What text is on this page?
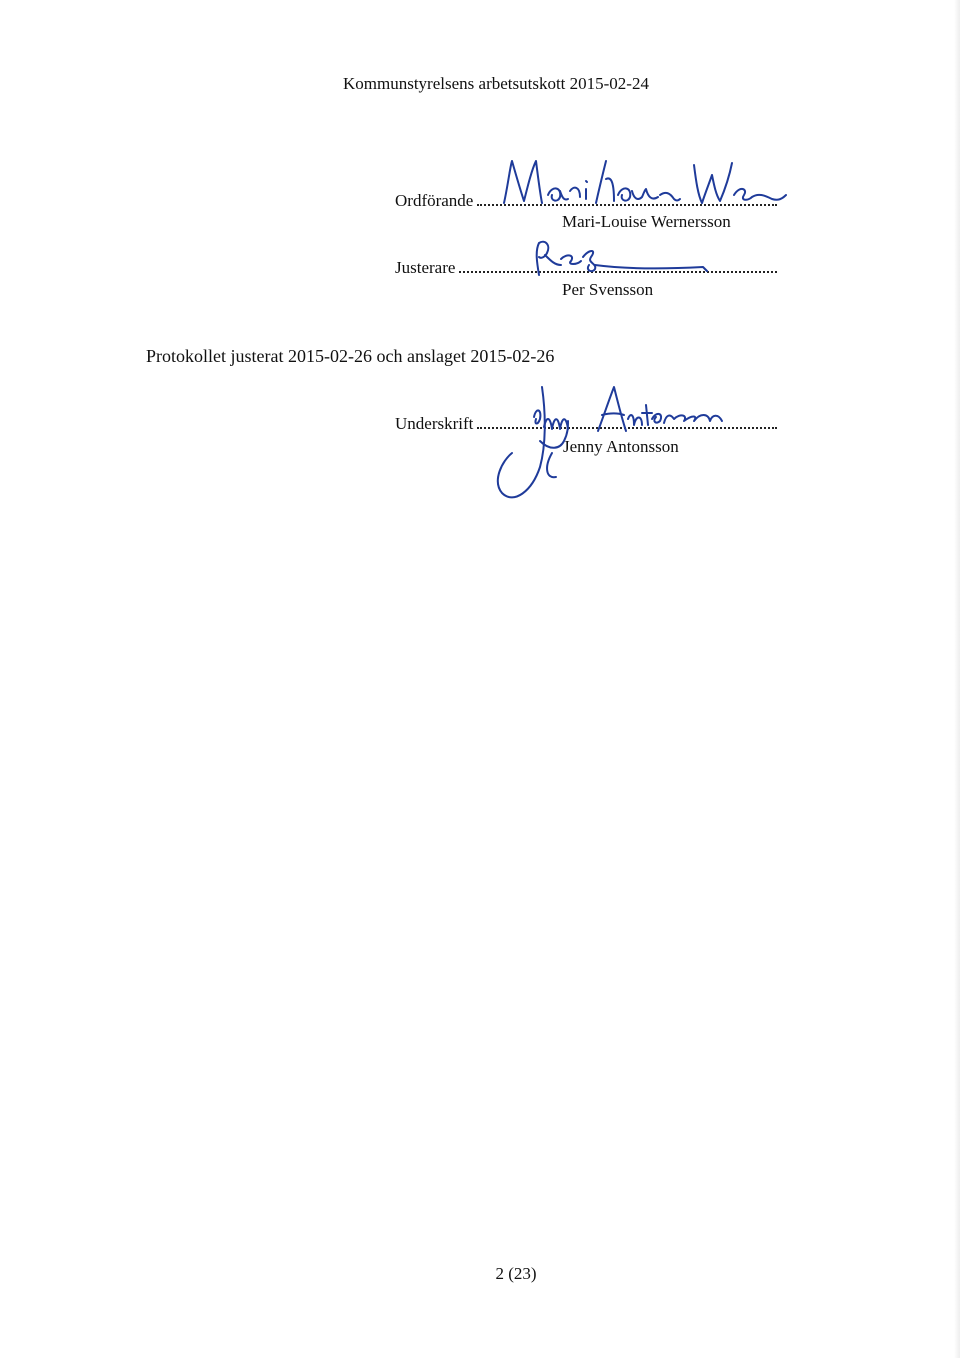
Kommunstyrelsens arbetsutskott 2015-02-24
Ordförande
Mari-Louise Wernersson
Justerare
Per Svensson
Protokollet justerat 2015-02-26 och anslaget 2015-02-26
Underskrift
Jenny Antonsson
2 (23)
